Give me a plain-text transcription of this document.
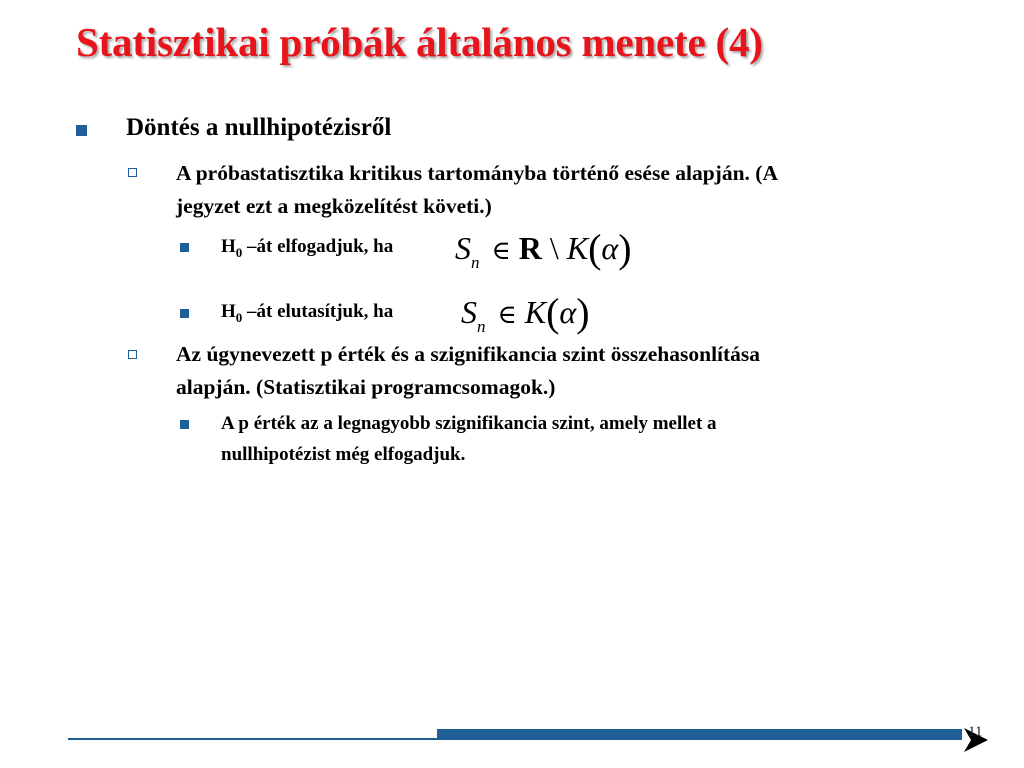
Statisztikai próbák általános menete (4)
Döntés a nullhipotézisről
A próbastatisztika kritikus tartományba történő esése alapján. (A
jegyzet ezt a megközelítést követi.)
$H_0$ –át elfogadjuk, ha $S_n$ ∈ R \ K(α)
$H_0$ –át elutasítjuk, ha $S_n$ ∈ K(α)
Az úgynevezett p érték és a szignifikancia szint összehasonlítása
alapján. (Statisztikai programcsomagok.)
A p érték az a legnagyobb szignifikancia szint, amely mellet a
nullhipotézist még elfogadjuk.
11
